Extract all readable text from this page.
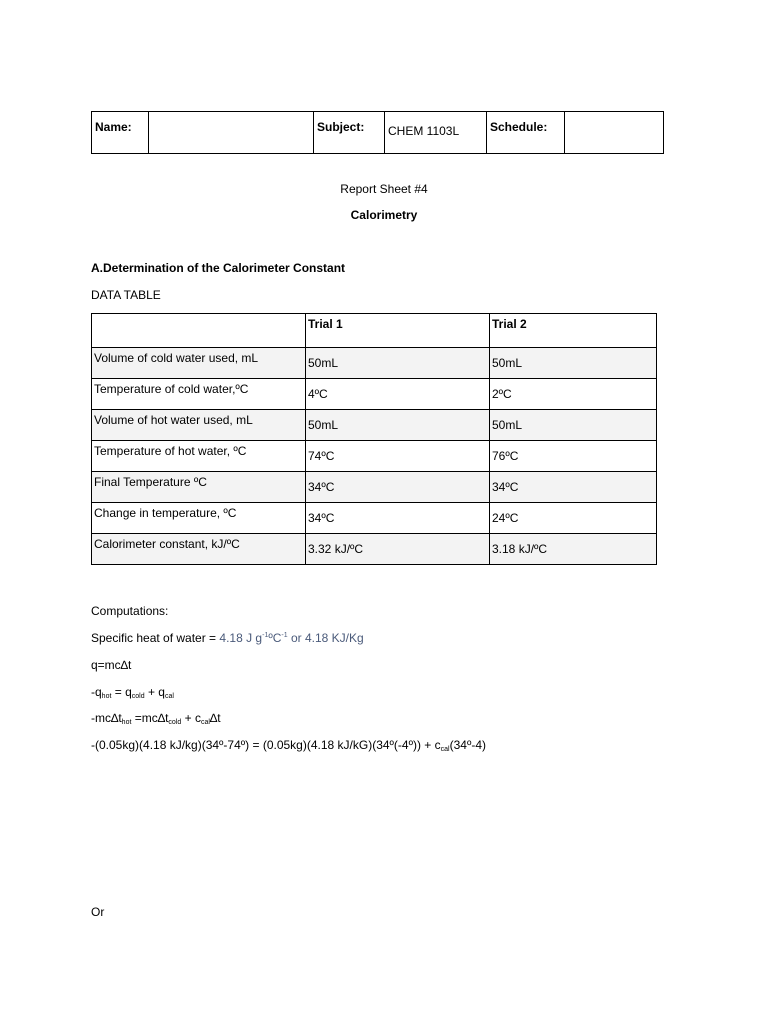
Name:		Subject:	CHEM 1103L	Schedule:	
Report Sheet #4
Calorimetry
A.Determination of the Calorimeter Constant
DATA TABLE
	Trial 1	Trial 2
Volume of cold water used, mL	50mL	50mL
Temperature of cold water,ºC	4ºC	2ºC
Volume of hot water used, mL	50mL	50mL
Temperature of hot water, ºC	74ºC	76ºC
Final Temperature ºC	34ºC	34ºC
Change in temperature, ºC	34ºC	24ºC
Calorimeter constant, kJ/ºC	3.32 kJ/ºC	3.18 kJ/ºC
Computations:
Specific heat of water = 4.18 J $g^{-1}ºC^{-1}$ or 4.18 KJ/Kg
q=mc∆t
$-q_{hot} = q_{cold} + q_{cal}$
$-mc\Delta t_{hot} =mc\Delta t_{cold} + c_{cal}\Delta t$
-(0.05kg)(4.18 kJ/kg)(34º-74º) = (0.05kg)(4.18 kJ/kG)(34º(-4º)) + $c_{cal}(34º-4)$
Or
